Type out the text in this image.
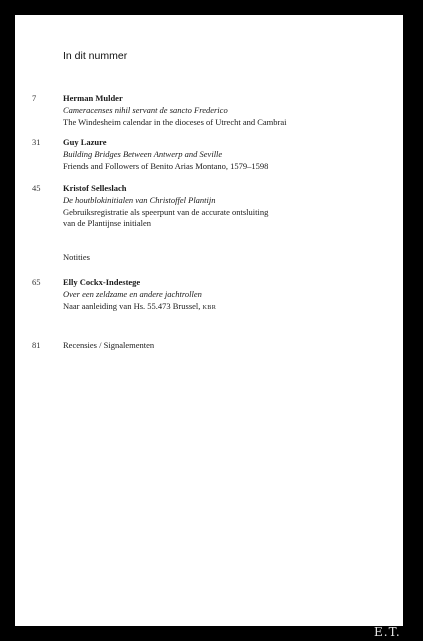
In dit nummer
7	Herman Mulder
Cameracenses nihil servant de sancto Frederico
The Windesheim calendar in the dioceses of Utrecht and Cambrai
31	Guy Lazure
Building Bridges Between Antwerp and Seville
Friends and Followers of Benito Arias Montano, 1579–1598
45	Kristof Selleslach
De houtblokinitialen van Christoffel Plantijn
Gebruiksregistratie als speerpunt van de accurate ontsluiting
van de Plantijnse initialen
Notities
65	Elly Cockx-Indestege
Over een zeldzame en andere jachtrollen
Naar aanleiding van Hs. 55.473 Brussel, KBR
81	Recensies / Signalementen
E.T.
